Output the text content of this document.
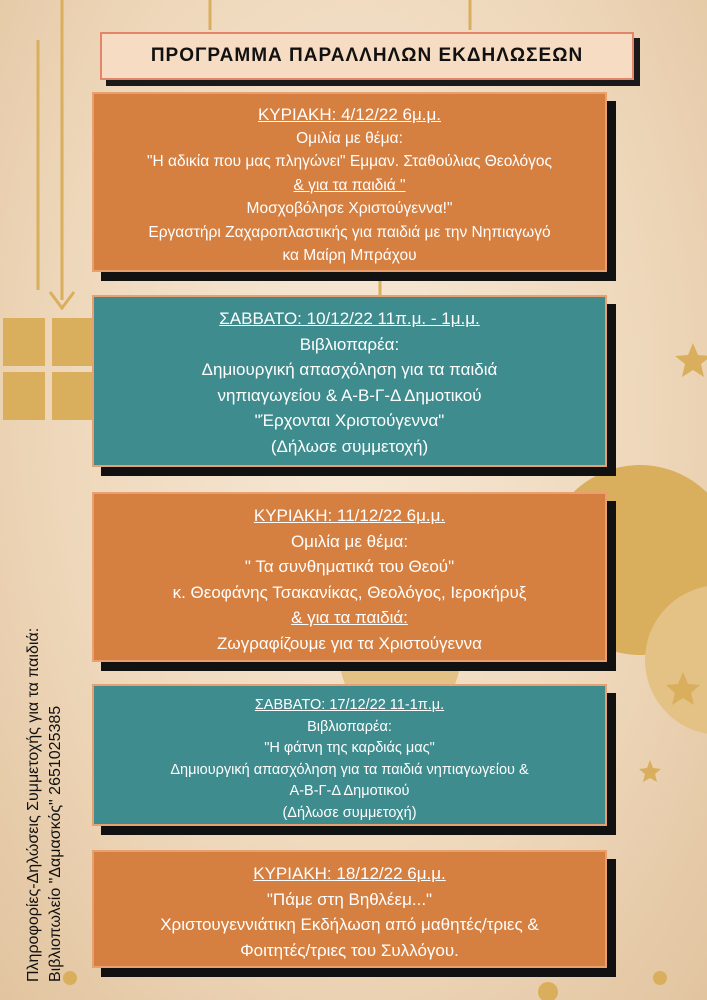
ΠΡΟΓΡΑΜΜΑ ΠΑΡΑΛΛΗΛΩΝ ΕΚΔΗΛΩΣΕΩΝ
ΚΥΡΙΑΚΗ: 4/12/22 6μ.μ.
Ομιλία με θέμα:
"Η αδικία που μας πληγώνει" Εμμαν. Σταθούλιας Θεολόγος
& για τα παιδιά "
Μοσχοβόλησε Χριστούγεννα!"
Εργαστήρι Ζαχαροπλαστικής για παιδιά με την Νηπιαγωγό
κα Μαίρη Μπράχου
ΣΑΒΒΑΤΟ: 10/12/22 11π.μ. - 1μ.μ.
Βιβλιοπαρέα:
Δημιουργική απασχόληση για τα παιδιά
νηπιαγωγείου & Α-Β-Γ-Δ Δημοτικού
"Έρχονται Χριστούγεννα"
(Δήλωσε συμμετοχή)
ΚΥΡΙΑΚΗ: 11/12/22 6μ.μ.
Ομιλία με θέμα:
" Τα συνθηματικά του Θεού"
κ. Θεοφάνης Τσακανίκας, Θεολόγος, Ιεροκήρυξ
& για τα παιδιά:
Ζωγραφίζουμε για τα Χριστούγεννα
ΣΑΒΒΑΤΟ: 17/12/22 11-1π.μ.
Βιβλιοπαρέα:
"Η φάτνη της καρδιάς μας"
Δημιουργική απασχόληση για τα παιδιά νηπιαγωγείου &
Α-Β-Γ-Δ Δημοτικού
(Δήλωσε συμμετοχή)
ΚΥΡΙΑΚΗ: 18/12/22 6μ.μ.
"Πάμε στη Βηθλέεμ..."
Χριστουγεννιάτικη Εκδήλωση από μαθητές/τριες &
Φοιτητές/τριες του Συλλόγου.
Πληροφορίες-Δηλώσεις Συμμετοχής για τα παιδιά: Βιβλιοπωλείο "Δαμασκός" 2651025385
